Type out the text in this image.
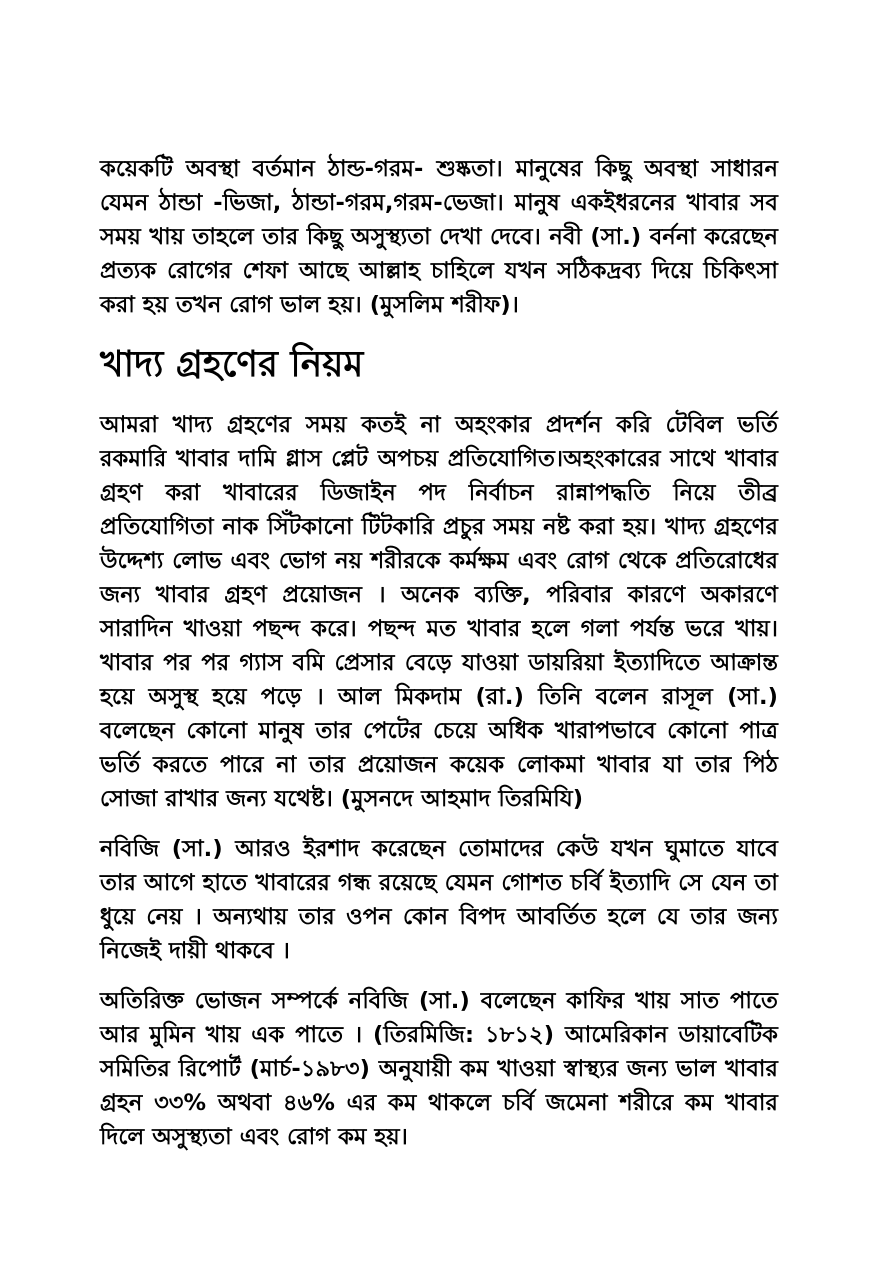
কয়েকটি অবস্থা বর্তমান ঠান্ড-গরম- শুষ্কতা। মানুষের কিছু অবস্থা সাধারন যেমন ঠান্ডা -ভিজা, ঠান্ডা-গরম,গরম-ভেজা। মানুষ একইধরনের খাবার সব সময় খায় তাহলে তার কিছু অসুস্থ্যতা দেখা দেবে। নবী (সা.) বর্ননা করেছেন প্রত্যক রোগের শেফা আছে আল্লাহ চাহিলে যখন সঠিকদ্রব্য দিয়ে চিকিৎসা করা হয় তখন রোগ ভাল হয়। (মুসলিম শরীফ)।

খাদ্য গ্রহণের নিয়ম

আমরা খাদ্য গ্রহণের সময় কতই না অহংকার প্রদর্শন করি টেবিল ভর্তি রকমারি খাবার দামি গ্লাস প্লেট অপচয় প্রতিযোগিত।অহংকারের সাথে খাবার গ্রহণ করা খাবারের ডিজাইন পদ নির্বাচন রান্নাপদ্ধতি নিয়ে তীব্র প্রতিযোগিতা নাক সিঁটকানো টিটকারি প্রচুর সময় নষ্ট করা হয়। খাদ্য গ্রহণের উদ্দেশ্য লোভ এবং ভোগ নয় শরীরকে কর্মক্ষম এবং রোগ থেকে প্রতিরোধের জন্য খাবার গ্রহণ প্রয়োজন । অনেক ব্যক্তি, পরিবার কারণে অকারণে সারাদিন খাওয়া পছন্দ করে। পছন্দ মত খাবার হলে গলা পর্যন্ত ভরে খায়। খাবার পর পর গ্যাস বমি প্রেসার বেড়ে যাওয়া ডায়রিয়া ইত্যাদিতে আক্রান্ত হয়ে অসুস্থ হয়ে পড়ে । আল মিকদাম (রা.) তিনি বলেন রাসূল (সা.) বলেছেন কোনো মানুষ তার পেটের চেয়ে অধিক খারাপভাবে কোনো পাত্র ভর্তি করতে পারে না তার প্রয়োজন কয়েক লোকমা খাবার যা তার পিঠ সোজা রাখার জন্য যথেষ্ট। (মুসনদে আহমাদ তিরমিযি)

নবিজি (সা.) আরও ইরশাদ করেছেন তোমাদের কেউ যখন ঘুমাতে যাবে তার আগে হাতে খাবারের গন্ধ রয়েছে যেমন গোশত চর্বি ইত্যাদি সে যেন তা ধুয়ে নেয় । অন্যথায় তার ওপন কোন বিপদ আবর্তিত হলে যে তার জন্য নিজেই দায়ী থাকবে ।

অতিরিক্ত ভোজন সম্পর্কে নবিজি (সা.) বলেছেন কাফির খায় সাত পাতে আর মুমিন খায় এক পাতে । (তিরমিজি: ১৮১২) আমেরিকান ডায়াবেটিক সমিতির রিপোর্ট (মার্চ-১৯৮৩) অনুযায়ী কম খাওয়া স্বাস্থ্যর জন্য ভাল খাবার গ্রহন ৩৩% অথবা ৪৬% এর কম থাকলে চর্বি জমেনা শরীরে কম খাবার দিলে অসুস্থ্যতা এবং রোগ কম হয়।
